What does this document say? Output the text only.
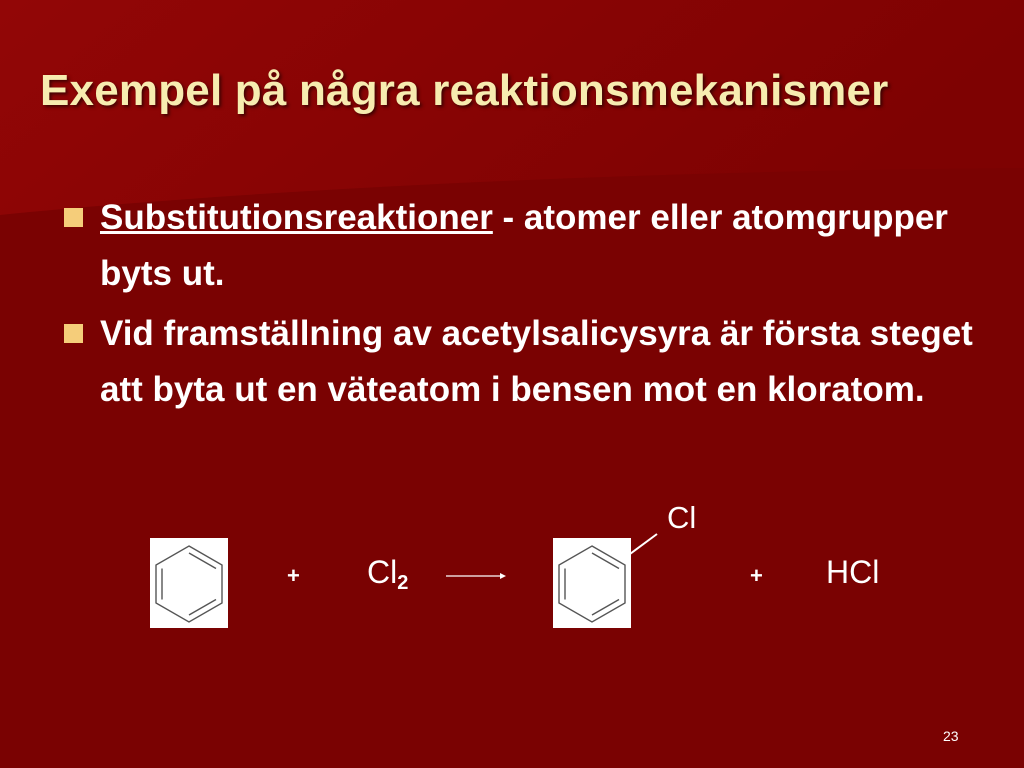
Exempel på några reaktionsmekanismer
Substitutionsreaktioner - atomer eller atomgrupper byts ut.
Vid framställning av acetylsalicysyra är första steget att byta ut en väteatom i bensen mot en kloratom.
+ $Cl_2$
Cl
+ HCl
23
